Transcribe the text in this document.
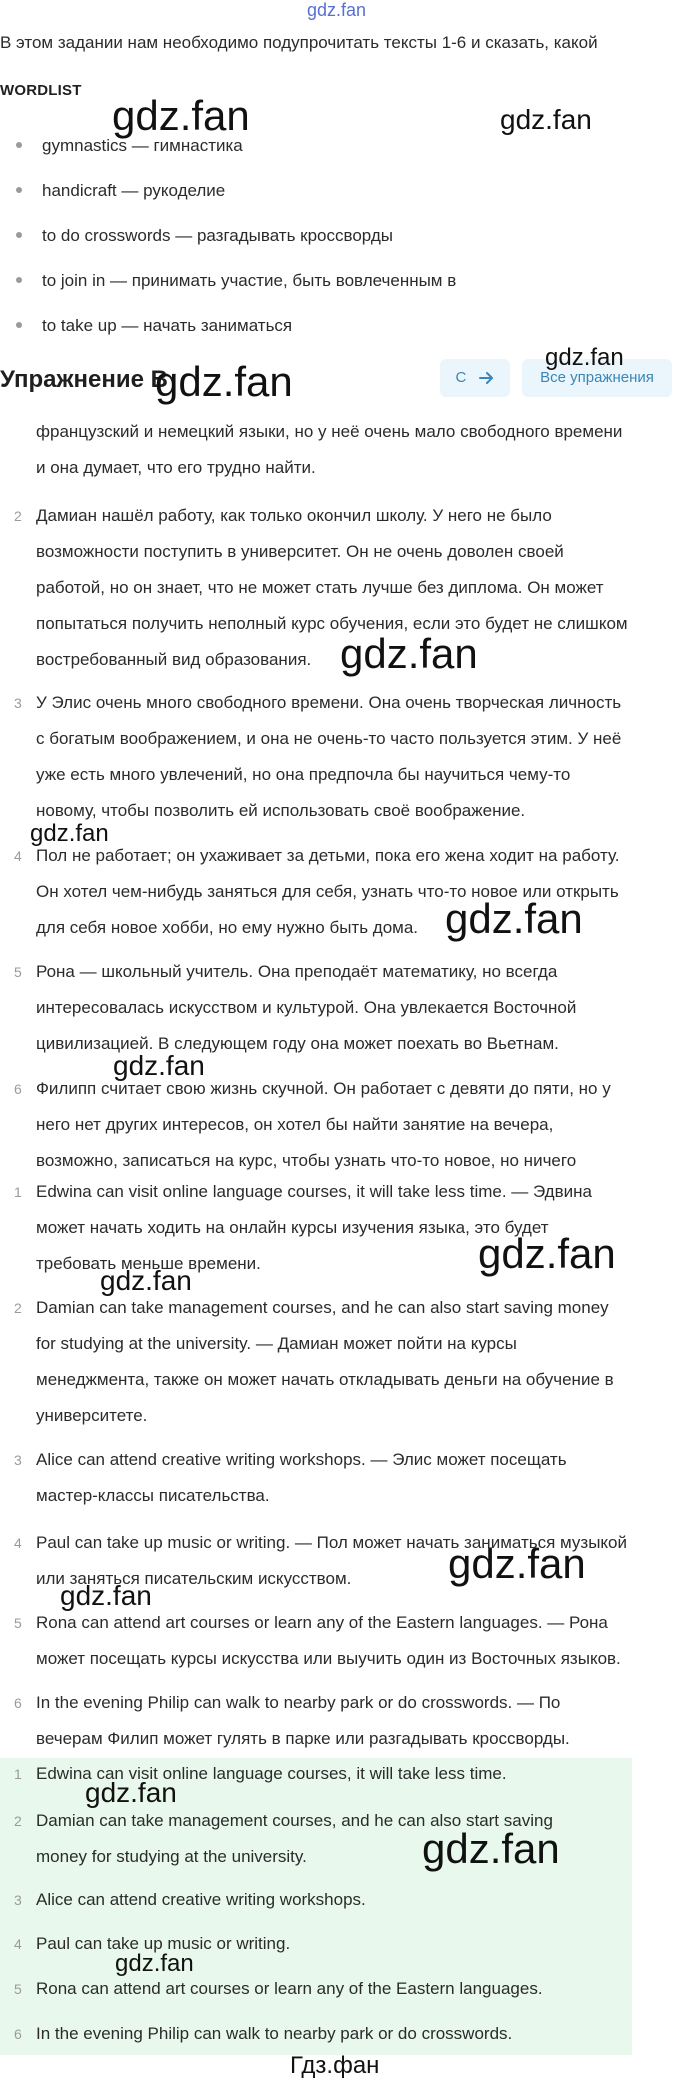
gdz.fan
В этом задании нам необходимо подупрочитать тексты 1-6 и сказать, какой
WORDLIST
gymnastics — гимнастика
handicraft — рукоделие
to do crosswords — разгадывать кроссворды
to join in — принимать участие, быть вовлеченным в
to take up — начать заниматься
Упражнение B	C	Все упражнения
французский и немецкий языки, но у неё очень мало свободного времени
и она думает, что его трудно найти.
2 Дамиан нашёл работу, как только окончил школу. У него не было
возможности поступить в университет. Он не очень доволен своей
работой, но он знает, что не может стать лучше без диплома. Он может
попытаться получить неполный курс обучения, если это будет не слишком
востребованный вид образования.
3 У Элис очень много свободного времени. Она очень творческая личность
с богатым воображением, и она не очень-то часто пользуется этим. У неё
уже есть много увлечений, но она предпочла бы научиться чему-то
новому, чтобы позволить ей использовать своё воображение.
4 Пол не работает; он ухаживает за детьми, пока его жена ходит на работу.
Он хотел чем-нибудь заняться для себя, узнать что-то новое или открыть
для себя новое хобби, но ему нужно быть дома.
5 Рона — школьный учитель. Она преподаёт математику, но всегда
интересовалась искусством и культурой. Она увлекается Восточной
цивилизацией. В следующем году она может поехать во Вьетнам.
6 Филипп считает свою жизнь скучной. Он работает с девяти до пяти, но у
него нет других интересов, он хотел бы найти занятие на вечера,
возможно, записаться на курс, чтобы узнать что-то новое, но ничего
1 Edwina can visit online language courses, it will take less time. — Эдвина
может начать ходить на онлайн курсы изучения языка, это будет
требовать меньше времени.
2 Damian can take management courses, and he can also start saving money
for studying at the university. — Дамиан может пойти на курсы
менеджмента, также он может начать откладывать деньги на обучение в
университете.
3 Alice can attend creative writing workshops. — Элис может посещать
мастер-классы писательства.
4 Paul can take up music or writing. — Пол может начать заниматься музыкой
или заняться писательским искусством.
5 Rona can attend art courses or learn any of the Eastern languages. — Рона
может посещать курсы искусства или выучить один из Восточных языков.
6 In the evening Philip can walk to nearby park or do crosswords. — По
вечерам Филип может гулять в парке или разгадывать кроссворды.
1 Edwina can visit online language courses, it will take less time.
2 Damian can take management courses, and he can also start saving
money for studying at the university.
3 Alice can attend creative writing workshops.
4 Paul can take up music or writing.
5 Rona can attend art courses or learn any of the Eastern languages.
6 In the evening Philip can walk to nearby park or do crosswords.
gdz.fan	gdz.fan
gdz.fan
gdz.fan
gdz.fan
gdz.fan
gdz.fan
gdz.fan
gdz.fan
gdz.fan
gdz.fan
gdz.fan
gdz.fan
gdz.fan
gdz.fan
Гдз.фан
